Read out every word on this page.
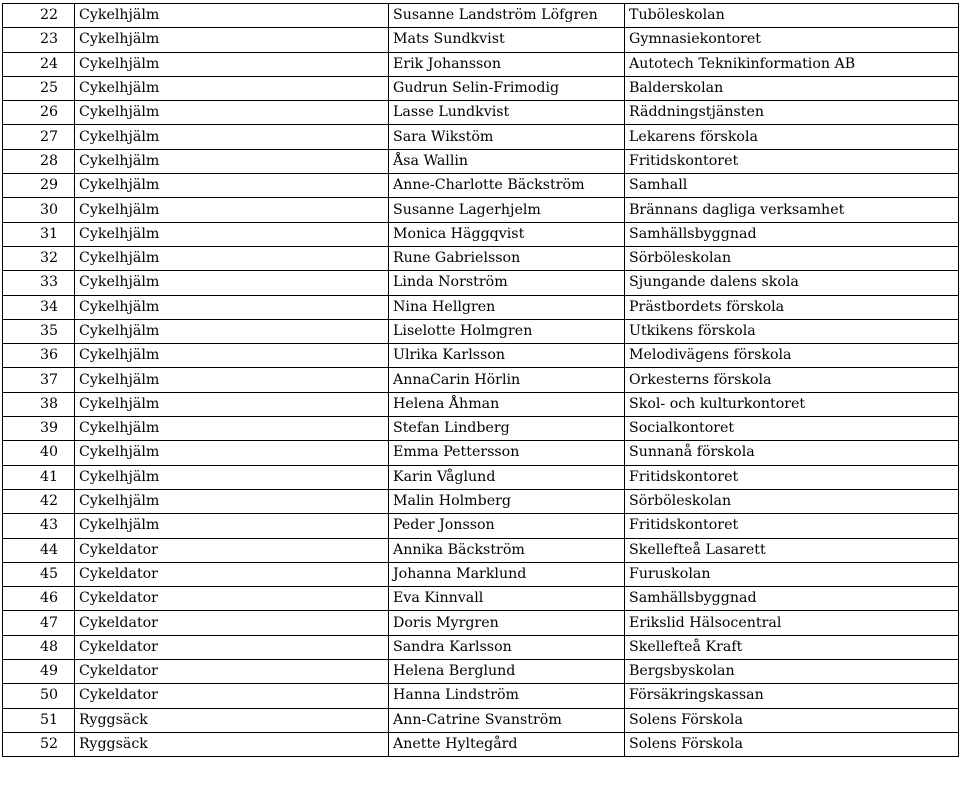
22	Cykelhjälm	Susanne Landström Löfgren	Tuböleskolan
23	Cykelhjälm	Mats Sundkvist	Gymnasiekontoret
24	Cykelhjälm	Erik Johansson	Autotech Teknikinformation AB
25	Cykelhjälm	Gudrun Selin-Frimodig	Balderskolan
26	Cykelhjälm	Lasse Lundkvist	Räddningstjänsten
27	Cykelhjälm	Sara Wikstöm	Lekarens förskola
28	Cykelhjälm	Åsa Wallin	Fritidskontoret
29	Cykelhjälm	Anne-Charlotte Bäckström	Samhall
30	Cykelhjälm	Susanne Lagerhjelm	Brännans dagliga verksamhet
31	Cykelhjälm	Monica Häggqvist	Samhällsbyggnad
32	Cykelhjälm	Rune Gabrielsson	Sörböleskolan
33	Cykelhjälm	Linda Norström	Sjungande dalens skola
34	Cykelhjälm	Nina Hellgren	Prästbordets förskola
35	Cykelhjälm	Liselotte Holmgren	Utkikens förskola
36	Cykelhjälm	Ulrika Karlsson	Melodivägens förskola
37	Cykelhjälm	AnnaCarin Hörlin	Orkesterns förskola
38	Cykelhjälm	Helena Åhman	Skol- och kulturkontoret
39	Cykelhjälm	Stefan Lindberg	Socialkontoret
40	Cykelhjälm	Emma Pettersson	Sunnanå förskola
41	Cykelhjälm	Karin Våglund	Fritidskontoret
42	Cykelhjälm	Malin Holmberg	Sörböleskolan
43	Cykelhjälm	Peder Jonsson	Fritidskontoret
44	Cykeldator	Annika Bäckström	Skellefteå Lasarett
45	Cykeldator	Johanna Marklund	Furuskolan
46	Cykeldator	Eva Kinnvall	Samhällsbyggnad
47	Cykeldator	Doris Myrgren	Erikslid Hälsocentral
48	Cykeldator	Sandra Karlsson	Skellefteå Kraft
49	Cykeldator	Helena Berglund	Bergsbyskolan
50	Cykeldator	Hanna Lindström	Försäkringskassan
51	Ryggsäck	Ann-Catrine Svanström	Solens Förskola
52	Ryggsäck	Anette Hyltegård	Solens Förskola
